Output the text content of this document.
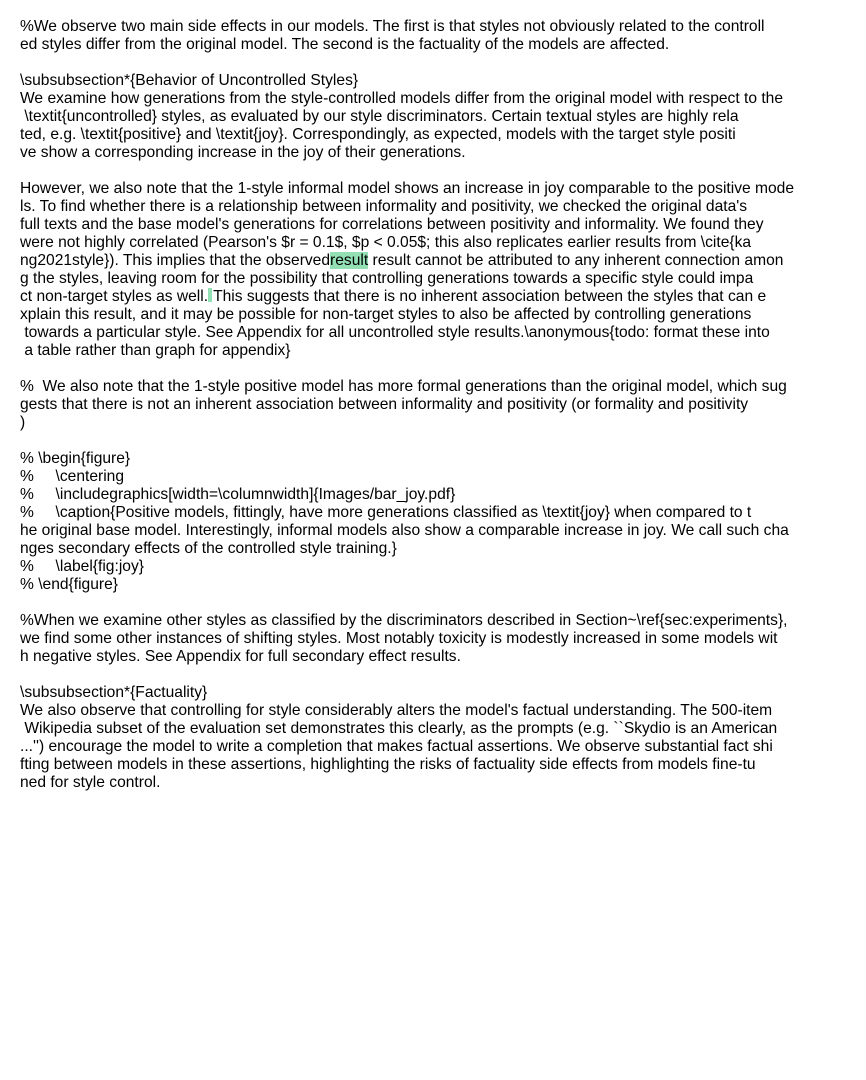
%We observe two main side effects in our models. The first is that styles not obviously related to the controll
ed styles differ from the original model. The second is the factuality of the models are affected.
\subsubsection*{Behavior of Uncontrolled Styles}
We examine how generations from the style-controlled models differ from the original model with respect to the
\textit{uncontrolled} styles, as evaluated by our style discriminators. Certain textual styles are highly rela
ted, e.g. \textit{positive} and \textit{joy}. Correspondingly, as expected, models with the target style positi
ve show a corresponding increase in the joy of their generations.
However, we also note that the 1-style informal model shows an increase in joy comparable to the positive mode
ls. To find whether there is a relationship between informality and positivity, we checked the original data's
full texts and the base model's generations for correlations between positivity and informality. We found they
were not highly correlated (Pearson's $r = 0.1$, $p < 0.05$; this also replicates earlier results from \cite{ka
ng2021style}). This implies that the observedresult result cannot be attributed to any inherent connection amon
g the styles, leaving room for the possibility that controlling generations towards a specific style could impa
ct non-target styles as well. This suggests that there is no inherent association between the styles that can e
xplain this result, and it may be possible for non-target styles to also be affected by controlling generations
towards a particular style. See Appendix for all uncontrolled style results.\anonymous{todo: format these into
a table rather than graph for appendix}
%  We also note that the 1-style positive model has more formal generations than the original model, which sug
gests that there is not an inherent association between informality and positivity (or formality and positivity
)
% \begin{figure}
%     \centering
%     \includegraphics[width=\columnwidth]{Images/bar_joy.pdf}
%     \caption{Positive models, fittingly, have more generations classified as \textit{joy} when compared to t
he original base model. Interestingly, informal models also show a comparable increase in joy. We call such cha
nges secondary effects of the controlled style training.}
%     \label{fig:joy}
% \end{figure}
%When we examine other styles as classified by the discriminators described in Section~\ref{sec:experiments},
we find some other instances of shifting styles. Most notably toxicity is modestly increased in some models wit
h negative styles. See Appendix for full secondary effect results.
\subsubsection*{Factuality}
We also observe that controlling for style considerably alters the model's factual understanding. The 500-item
Wikipedia subset of the evaluation set demonstrates this clearly, as the prompts (e.g. ``Skydio is an American
...'') encourage the model to write a completion that makes factual assertions. We observe substantial fact shi
fting between models in these assertions, highlighting the risks of factuality side effects from models fine-tu
ned for style control.
